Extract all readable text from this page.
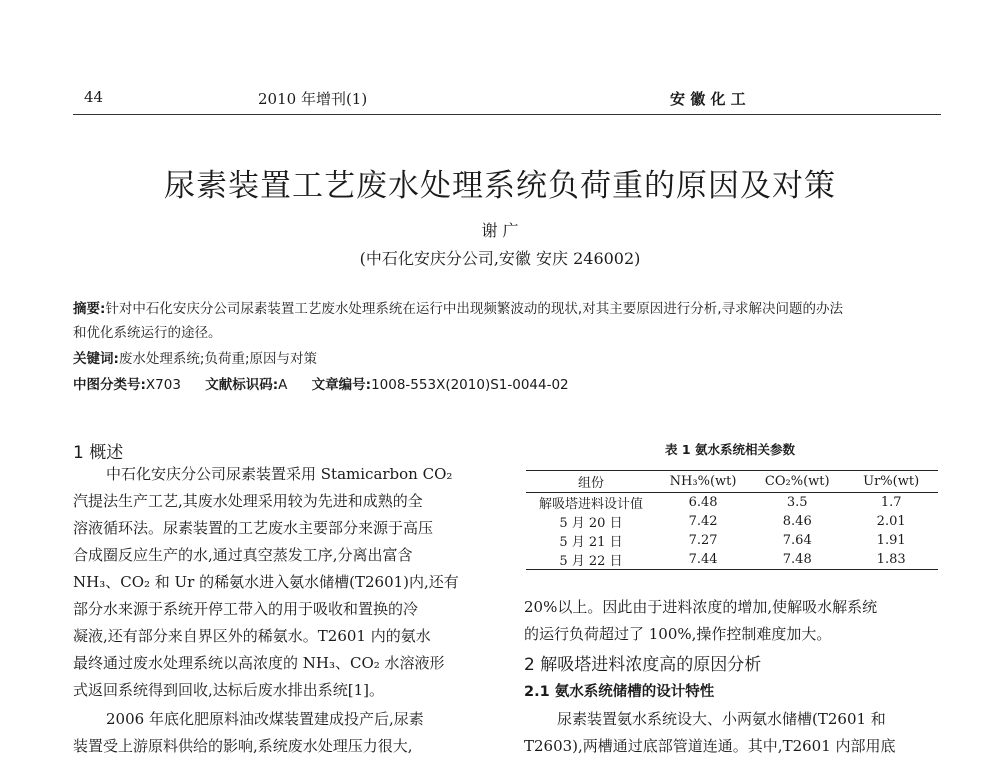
44	2010 年增刊(1)	安 徽 化 工
尿素装置工艺废水处理系统负荷重的原因及对策
谢 广
(中石化安庆分公司,安徽 安庆 246002)
摘要:针对中石化安庆分公司尿素装置工艺废水处理系统在运行中出现频繁波动的现状,对其主要原因进行分析,寻求解决问题的办法
和优化系统运行的途径。
关键词:废水处理系统;负荷重;原因与对策
中图分类号:X703 文献标识码:A 文章编号:1008-553X(2010)S1-0044-02
1 概述
中石化安庆分公司尿素装置采用 Stamicarbon CO₂
汽提法生产工艺,其废水处理采用较为先进和成熟的全
溶液循环法。尿素装置的工艺废水主要部分来源于高压
合成圈反应生产的水,通过真空蒸发工序,分离出富含
NH₃、CO₂ 和 Ur 的稀氨水进入氨水储槽(T2601)内,还有
部分水来源于系统开停工带入的用于吸收和置换的冷
凝液,还有部分来自界区外的稀氨水。T2601 内的氨水
最终通过废水处理系统以高浓度的 NH₃、CO₂ 水溶液形
式返回系统得到回收,达标后废水排出系统[1]。
2006 年底化肥原料油改煤装置建成投产后,尿素
装置受上游原料供给的影响,系统废水处理压力很大,
表 1 氨水系统相关参数
组份	NH₃%(wt)	CO₂%(wt)	Ur%(wt)
解吸塔进料设计值	6.48	3.5	1.7
5 月 20 日	7.42	8.46	2.01
5 月 21 日	7.27	7.64	1.91
5 月 22 日	7.44	7.48	1.83
20%以上。因此由于进料浓度的增加,使解吸水解系统
的运行负荷超过了 100%,操作控制难度加大。
2 解吸塔进料浓度高的原因分析
2.1 氨水系统储槽的设计特性
尿素装置氨水系统设大、小两氨水储槽(T2601 和
T2603),两槽通过底部管道连通。其中,T2601 内部用底
